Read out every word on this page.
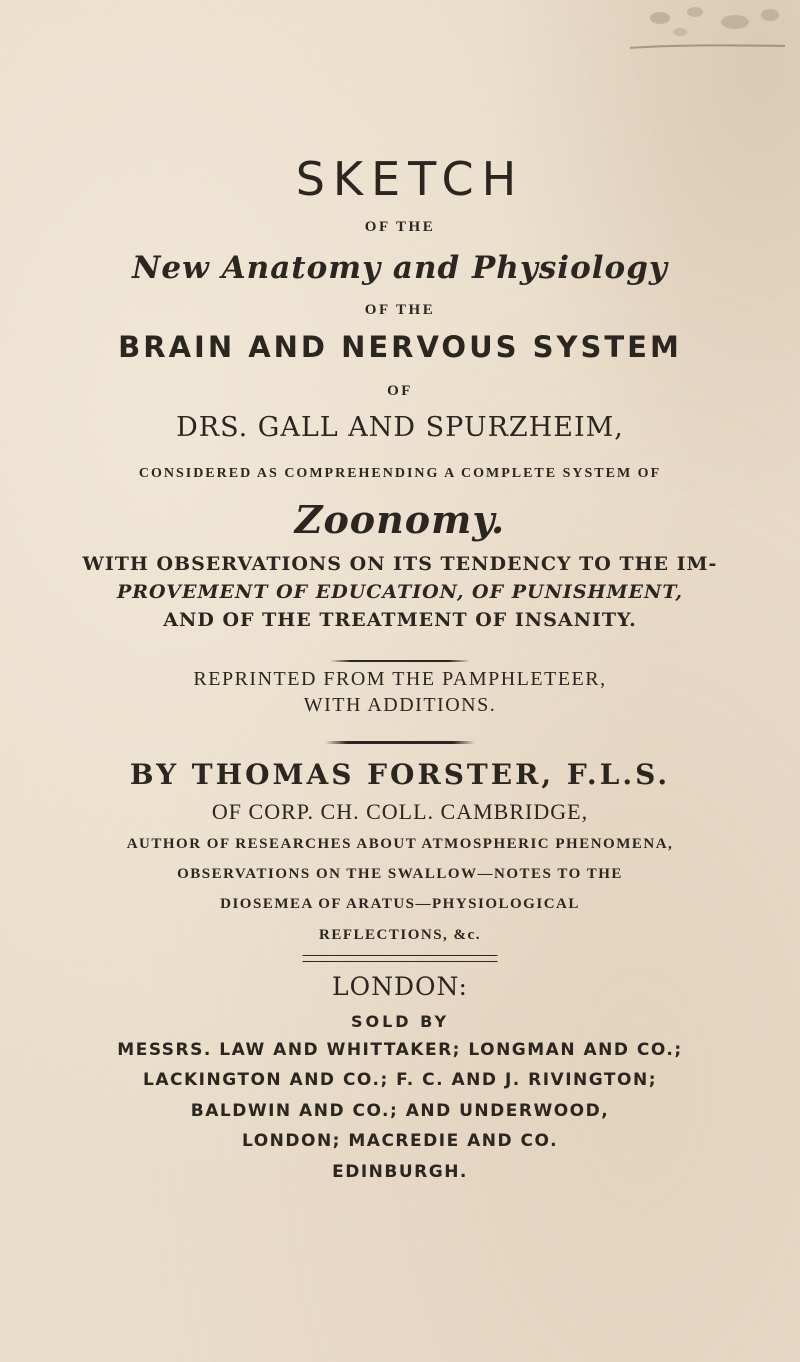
SKETCH

OF THE

New Anatomy and Physiology

OF THE

BRAIN AND NERVOUS SYSTEM

OF

DRS. GALL AND SPURZHEIM,

CONSIDERED AS COMPREHENDING A COMPLETE SYSTEM OF

Zoonomy.

WITH OBSERVATIONS ON ITS TENDENCY TO THE IM-

PROVEMENT OF EDUCATION, OF PUNISHMENT,

AND OF THE TREATMENT OF INSANITY.

REPRINTED FROM THE PAMPHLETEER,

WITH ADDITIONS.

BY THOMAS FORSTER, F.L.S.

OF CORP. CH. COLL. CAMBRIDGE,

AUTHOR OF RESEARCHES ABOUT ATMOSPHERIC PHENOMENA,

OBSERVATIONS ON THE SWALLOW—NOTES TO THE

DIOSEMEA OF ARATUS—PHYSIOLOGICAL

REFLECTIONS, &c.

LONDON:

SOLD BY

MESSRS. LAW AND WHITTAKER; LONGMAN AND CO.;

LACKINGTON AND CO.; F. C. AND J. RIVINGTON;

BALDWIN AND CO.; AND UNDERWOOD,

LONDON; MACREDIE AND CO.

EDINBURGH.
